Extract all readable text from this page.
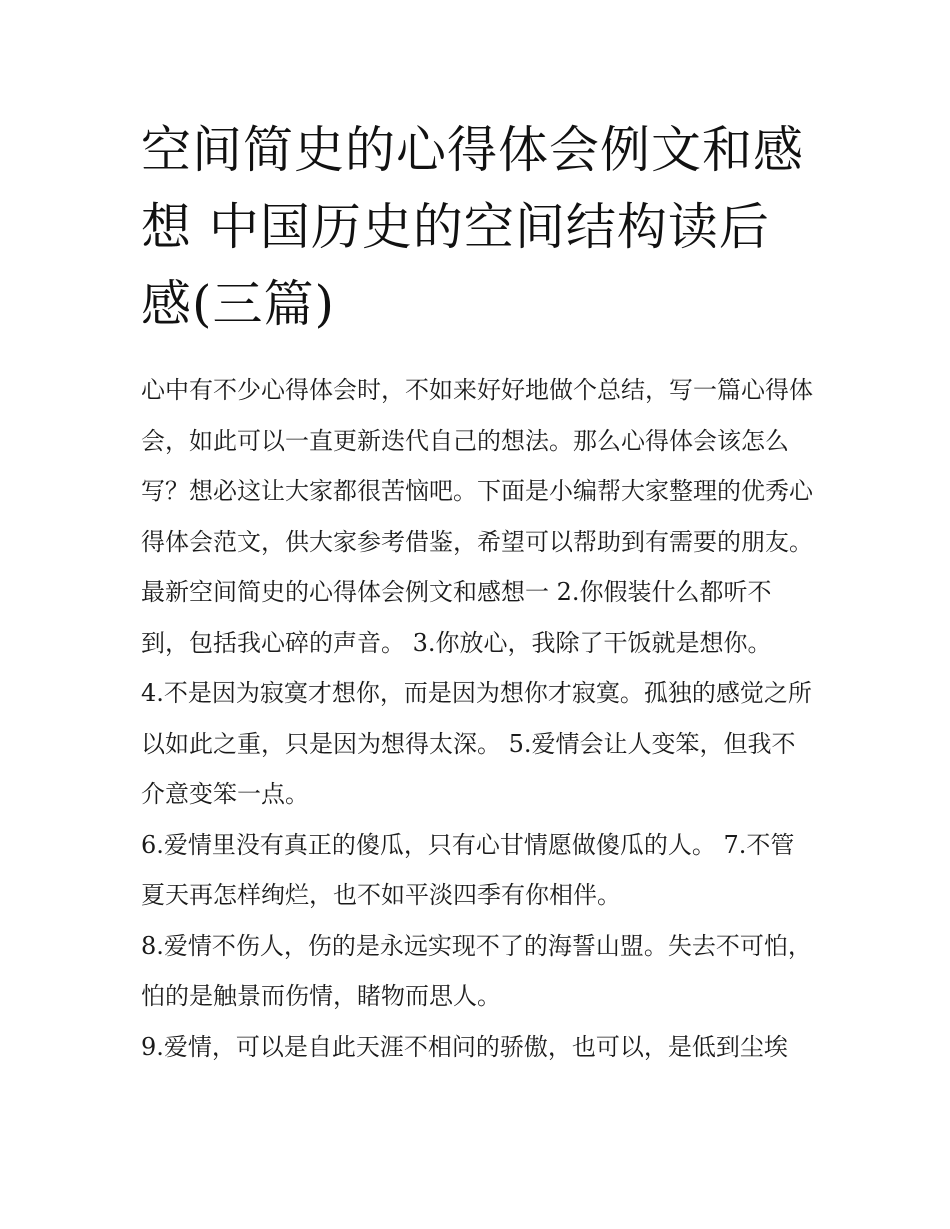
空间简史的心得体会例文和感想 中国历史的空间结构读后感(三篇)

心中有不少心得体会时，不如来好好地做个总结，写一篇心得体会，如此可以一直更新迭代自己的想法。那么心得体会该怎么写？想必这让大家都很苦恼吧。下面是小编帮大家整理的优秀心得体会范文，供大家参考借鉴，希望可以帮助到有需要的朋友。

最新空间简史的心得体会例文和感想一 2.你假装什么都听不到，包括我心碎的声音。 3.你放心，我除了干饭就是想你。

4.不是因为寂寞才想你，而是因为想你才寂寞。孤独的感觉之所以如此之重，只是因为想得太深。 5.爱情会让人变笨，但我不介意变笨一点。

6.爱情里没有真正的傻瓜，只有心甘情愿做傻瓜的人。 7.不管夏天再怎样绚烂，也不如平淡四季有你相伴。

8.爱情不伤人，伤的是永远实现不了的海誓山盟。失去不可怕，怕的是触景而伤情，睹物而思人。

9.爱情，可以是自此天涯不相问的骄傲，也可以，是低到尘埃
